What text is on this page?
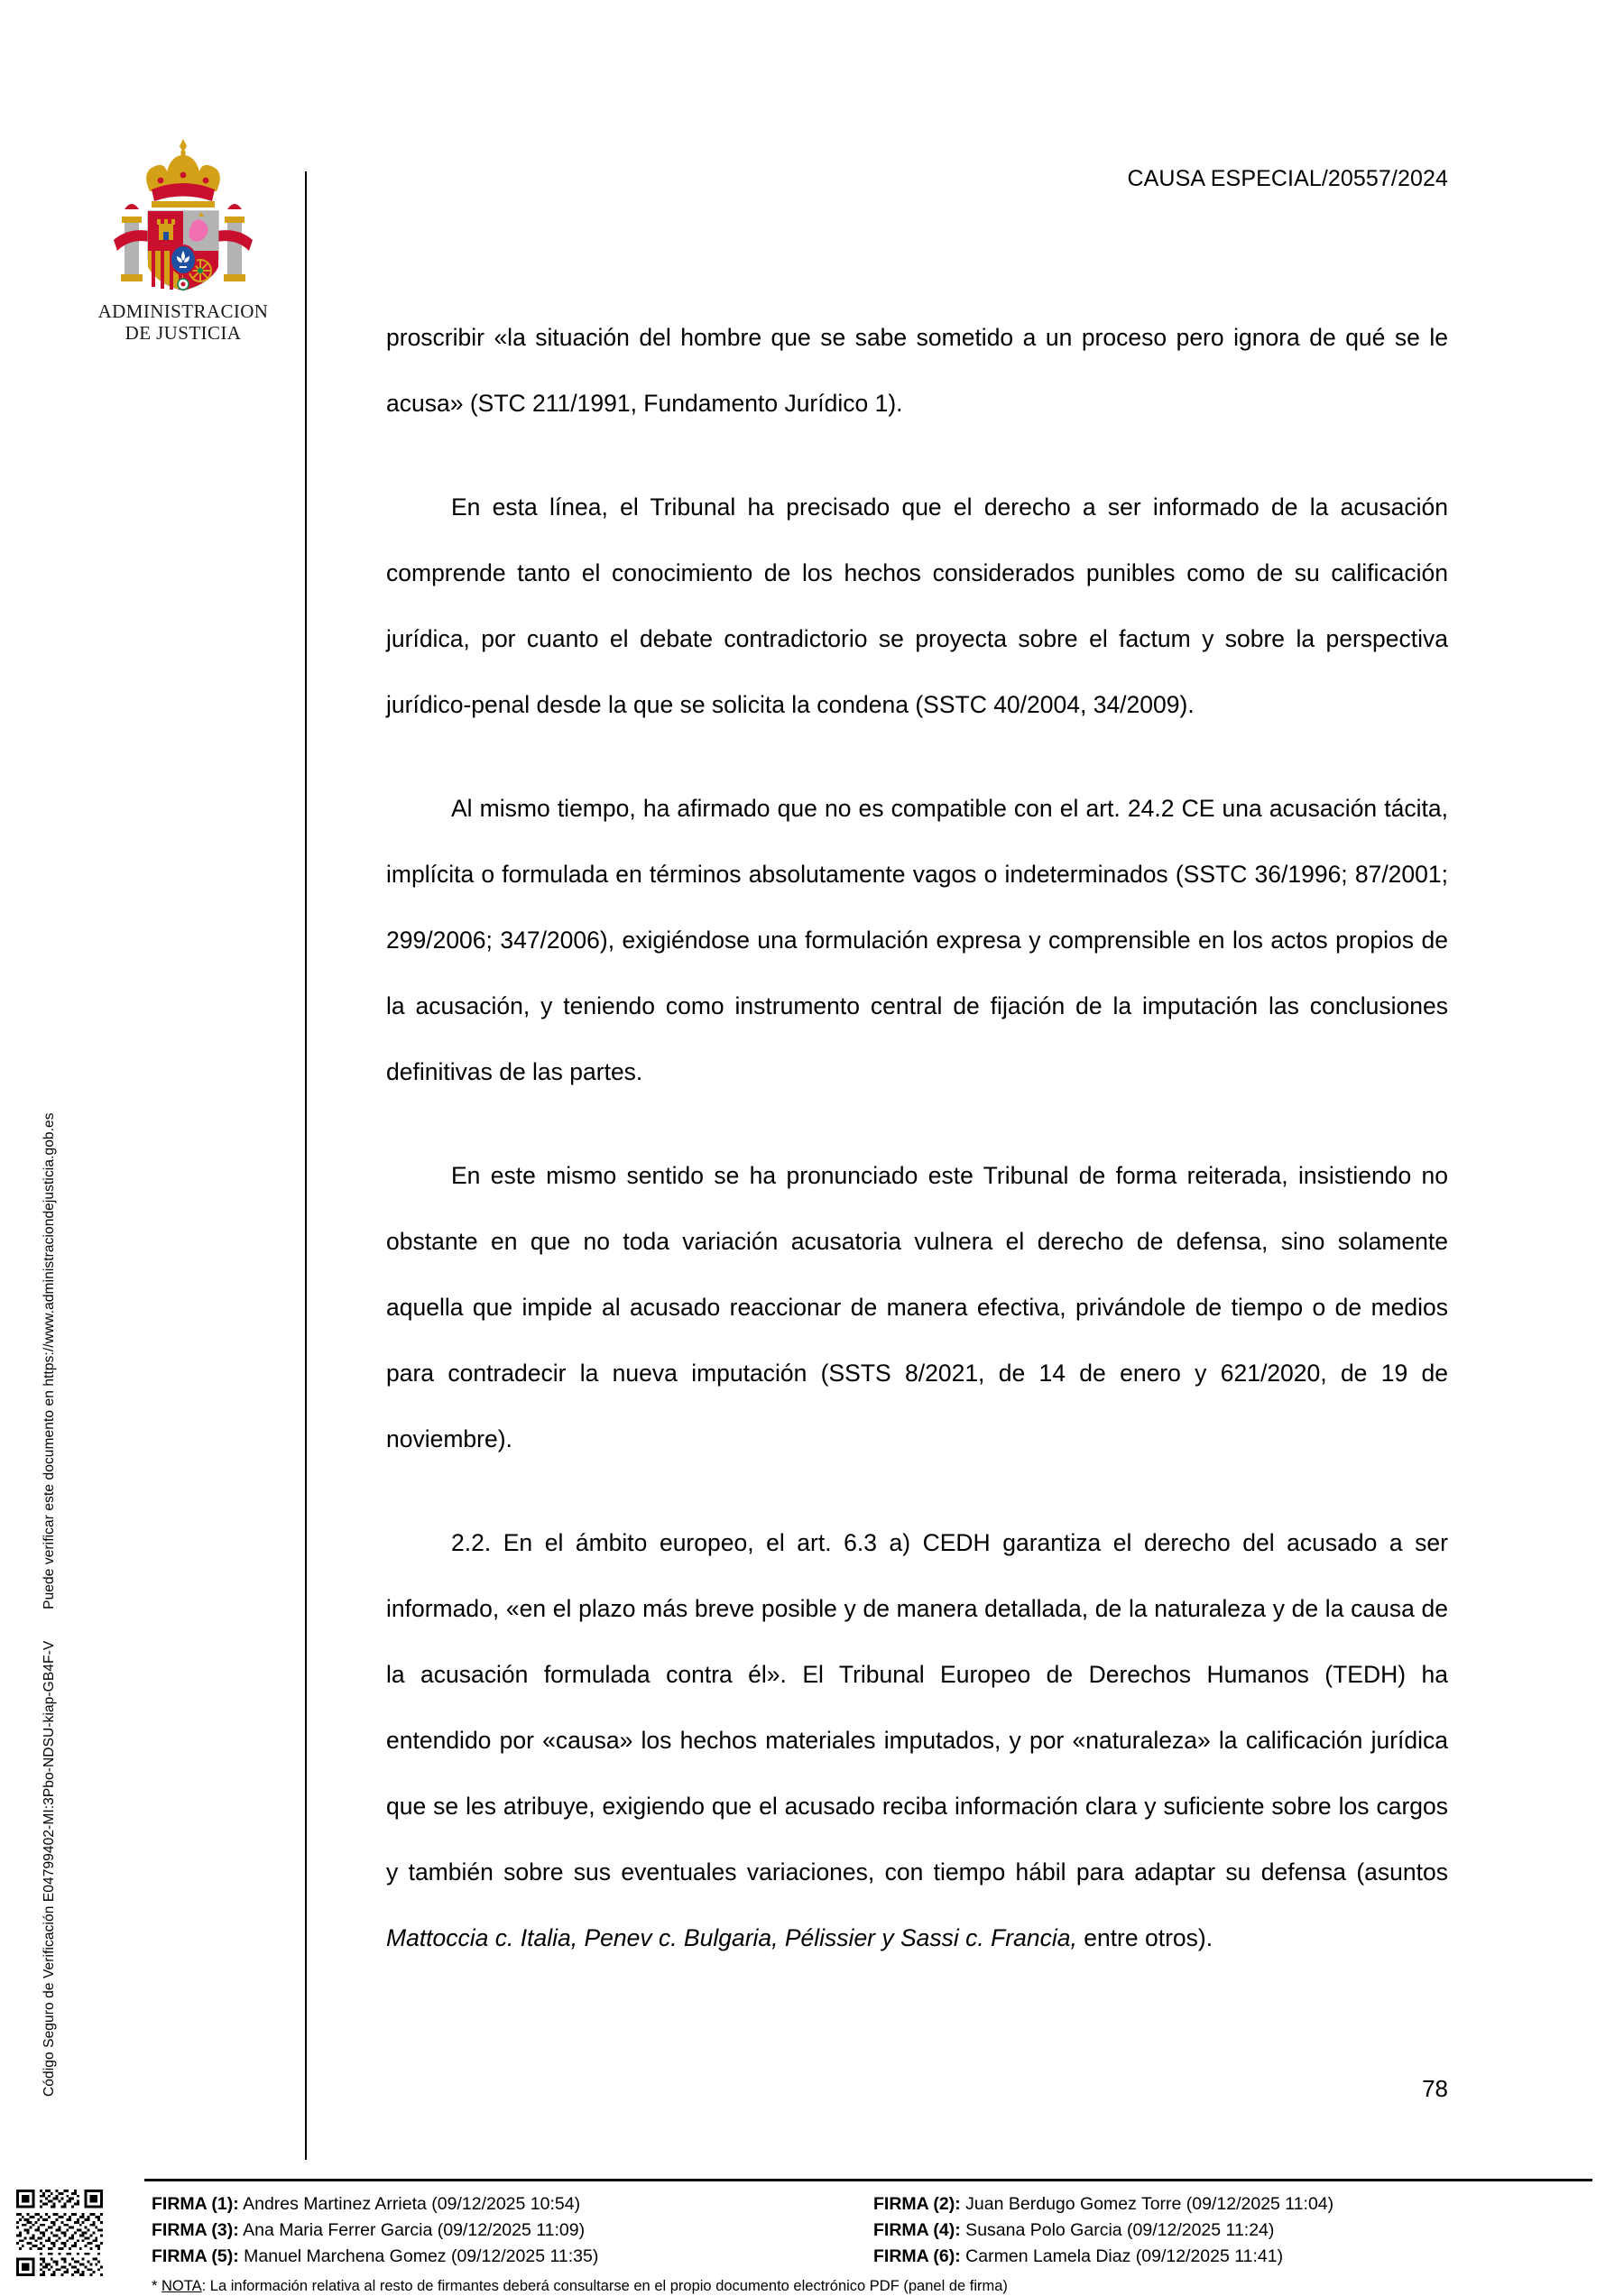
Código Seguro de Verificación E04799402-MI:3Pbo-NDSU-kiap-GB4F-V  Puede verificar este documento en https://www.administraciondejusticia.gob.es
ADMINISTRACION
DE JUSTICIA
CAUSA ESPECIAL/20557/2024

proscribir «la situación del hombre que se sabe sometido a un proceso pero ignora de qué se le acusa» (STC 211/1991, Fundamento Jurídico 1).

En esta línea, el Tribunal ha precisado que el derecho a ser informado de la acusación comprende tanto el conocimiento de los hechos considerados punibles como de su calificación jurídica, por cuanto el debate contradictorio se proyecta sobre el factum y sobre la perspectiva jurídico-penal desde la que se solicita la condena (SSTC 40/2004, 34/2009).

Al mismo tiempo, ha afirmado que no es compatible con el art. 24.2 CE una acusación tácita, implícita o formulada en términos absolutamente vagos o indeterminados (SSTC 36/1996; 87/2001; 299/2006; 347/2006), exigiéndose una formulación expresa y comprensible en los actos propios de la acusación, y teniendo como instrumento central de fijación de la imputación las conclusiones definitivas de las partes.

En este mismo sentido se ha pronunciado este Tribunal de forma reiterada, insistiendo no obstante en que no toda variación acusatoria vulnera el derecho de defensa, sino solamente aquella que impide al acusado reaccionar de manera efectiva, privándole de tiempo o de medios para contradecir la nueva imputación (SSTS 8/2021, de 14 de enero y 621/2020, de 19 de noviembre).

2.2. En el ámbito europeo, el art. 6.3 a) CEDH garantiza el derecho del acusado a ser informado, «en el plazo más breve posible y de manera detallada, de la naturaleza y de la causa de la acusación formulada contra él». El Tribunal Europeo de Derechos Humanos (TEDH) ha entendido por «causa» los hechos materiales imputados, y por «naturaleza» la calificación jurídica que se les atribuye, exigiendo que el acusado reciba información clara y suficiente sobre los cargos y también sobre sus eventuales variaciones, con tiempo hábil para adaptar su defensa (asuntos Mattoccia c. Italia, Penev c. Bulgaria, Pélissier y Sassi c. Francia, entre otros).

78
FIRMA (1): Andres Martinez Arrieta (09/12/2025 10:54)	FIRMA (2): Juan Berdugo Gomez Torre (09/12/2025 11:04)
FIRMA (3): Ana Maria Ferrer Garcia (09/12/2025 11:09)	FIRMA (4): Susana Polo Garcia (09/12/2025 11:24)
FIRMA (5): Manuel Marchena Gomez (09/12/2025 11:35)	FIRMA (6): Carmen Lamela Diaz (09/12/2025 11:41)
* NOTA: La información relativa al resto de firmantes deberá consultarse en el propio documento electrónico PDF (panel de firma)
